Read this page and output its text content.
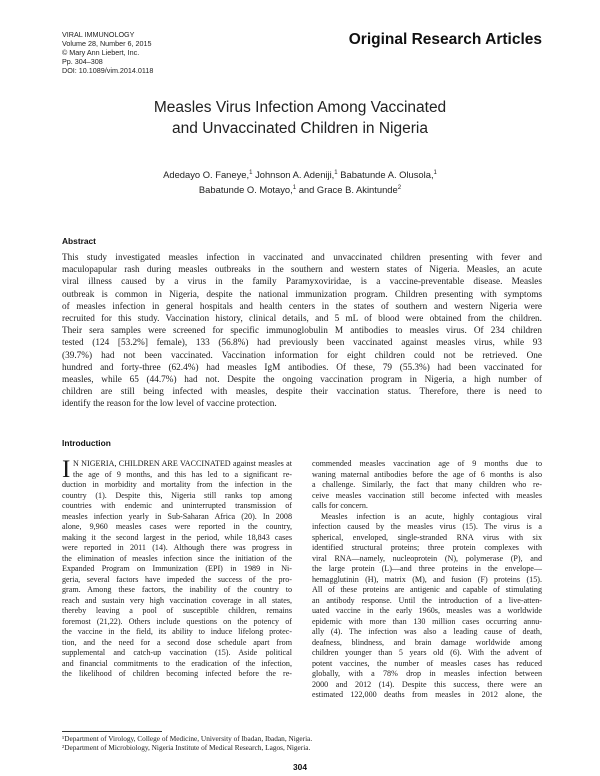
VIRAL IMMUNOLOGY
Volume 28, Number 6, 2015
© Mary Ann Liebert, Inc.
Pp. 304–308
DOI: 10.1089/vim.2014.0118
Original Research Articles
Measles Virus Infection Among Vaccinated
and Unvaccinated Children in Nigeria
Adedayo O. Faneye,$^1$ Johnson A. Adeniji,$^1$ Babatunde A. Olusola,$^1$
Babatunde O. Motayo,$^1$ and Grace B. Akintunde$^2$
Abstract
This study investigated measles infection in vaccinated and unvaccinated children presenting with fever and
maculopapular rash during measles outbreaks in the southern and western states of Nigeria. Measles, an acute
viral illness caused by a virus in the family Paramyxoviridae, is a vaccine-preventable disease. Measles
outbreak is common in Nigeria, despite the national immunization program. Children presenting with symptoms
of measles infection in general hospitals and health centers in the states of southern and western Nigeria were
recruited for this study. Vaccination history, clinical details, and 5 mL of blood were obtained from the children.
Their sera samples were screened for specific immunoglobulin M antibodies to measles virus. Of 234 children
tested (124 [53.2%] female), 133 (56.8%) had previously been vaccinated against measles virus, while 93
(39.7%) had not been vaccinated. Vaccination information for eight children could not be retrieved. One
hundred and forty-three (62.4%) had measles IgM antibodies. Of these, 79 (55.3%) had been vaccinated for
measles, while 65 (44.7%) had not. Despite the ongoing vaccination program in Nigeria, a high number of
children are still being infected with measles, despite their vaccination status. Therefore, there is need to
identify the reason for the low level of vaccine protection.
Introduction
I N NIGERIA, CHILDREN ARE VACCINATED against measles at
the age of 9 months, and this has led to a significant re-
duction in morbidity and mortality from the infection in the
country (1). Despite this, Nigeria still ranks top among
countries with endemic and uninterrupted transmission of
measles infection yearly in Sub-Saharan Africa (20). In 2008
alone, 9,960 measles cases were reported in the country,
making it the second largest in the period, while 18,843 cases
were reported in 2011 (14). Although there was progress in
the elimination of measles infection since the initiation of the
Expanded Program on Immunization (EPI) in 1989 in Ni-
geria, several factors have impeded the success of the pro-
gram. Among these factors, the inability of the country to
reach and sustain very high vaccination coverage in all states,
thereby leaving a pool of susceptible children, remains
foremost (21,22). Others include questions on the potency of
the vaccine in the field, its ability to induce lifelong protec-
tion, and the need for a second dose schedule apart from
supplemental and catch-up vaccination (15). Aside political
and financial commitments to the eradication of the infection,
the likelihood of children becoming infected before the re-
commended measles vaccination age of 9 months due to
waning maternal antibodies before the age of 6 months is also
a challenge. Similarly, the fact that many children who re-
ceive measles vaccination still become infected with measles
calls for concern.
Measles infection is an acute, highly contagious viral
infection caused by the measles virus (15). The virus is a
spherical, enveloped, single-stranded RNA virus with six
identified structural proteins; three protein complexes with
viral RNA—namely, nucleoprotein (N), polymerase (P), and
the large protein (L)—and three proteins in the envelope—
hemagglutinin (H), matrix (M), and fusion (F) proteins (15).
All of these proteins are antigenic and capable of stimulating
an antibody response. Until the introduction of a live-atten-
uated vaccine in the early 1960s, measles was a worldwide
epidemic with more than 130 million cases occurring annu-
ally (4). The infection was also a leading cause of death,
deafness, blindness, and brain damage worldwide among
children younger than 5 years old (6). With the advent of
potent vaccines, the number of measles cases has reduced
globally, with a 78% drop in measles infection between
2000 and 2012 (14). Despite this success, there were an
estimated 122,000 deaths from measles in 2012 alone, the
¹Department of Virology, College of Medicine, University of Ibadan, Ibadan, Nigeria.
²Department of Microbiology, Nigeria Institute of Medical Research, Lagos, Nigeria.
304
